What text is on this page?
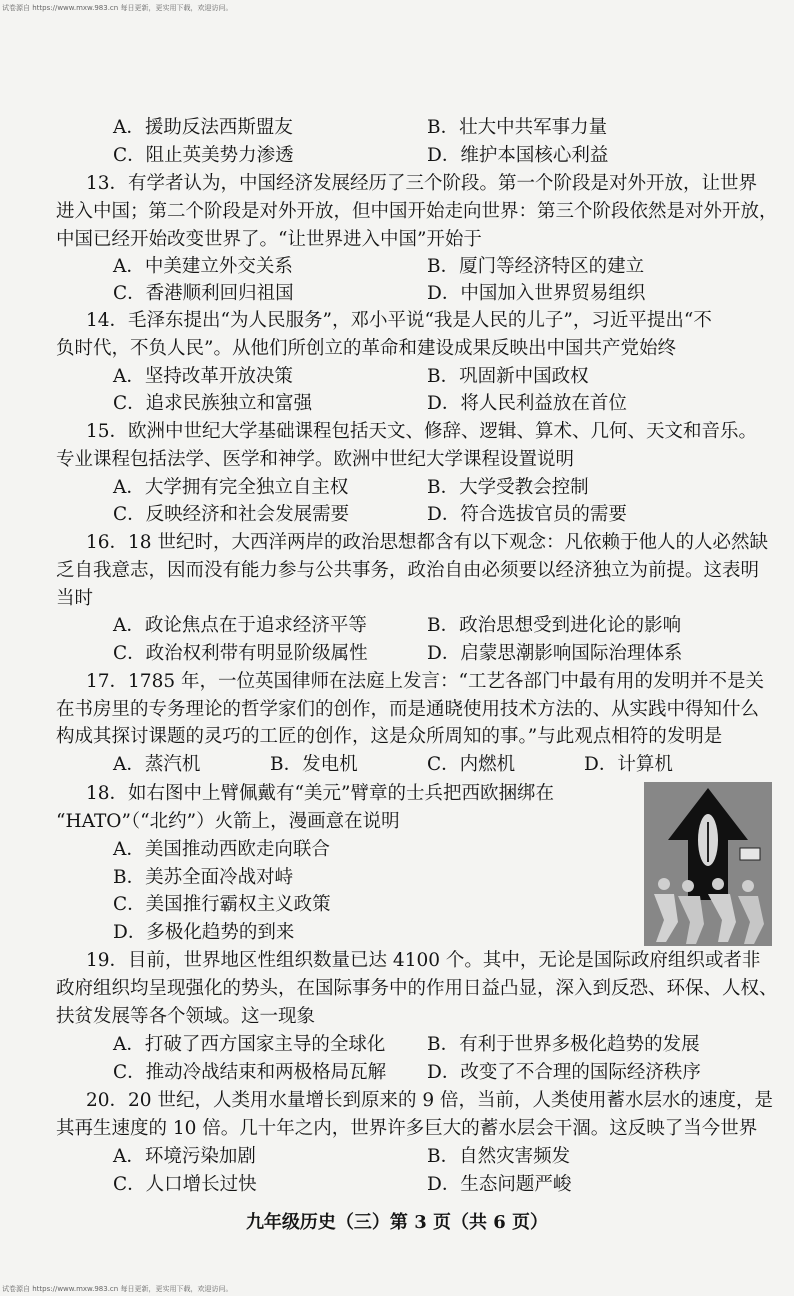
试卷源自 https://www.mxw.983.cn 每日更新，更实用下载，欢迎访问。
A．援助反法西斯盟友	B．壮大中共军事力量
C．阻止英美势力渗透	D．维护本国核心利益
13．有学者认为，中国经济发展经历了三个阶段。第一个阶段是对外开放，让世界
进入中国；第二个阶段是对外开放，但中国开始走向世界：第三个阶段依然是对外开放，
中国已经开始改变世界了。“让世界进入中国”开始于
A．中美建立外交关系	B．厦门等经济特区的建立
C．香港顺利回归祖国	D．中国加入世界贸易组织
14．毛泽东提出“为人民服务”，邓小平说“我是人民的儿子”，习近平提出“不
负时代，不负人民”。从他们所创立的革命和建设成果反映出中国共产党始终
A．坚持改革开放决策	B．巩固新中国政权
C．追求民族独立和富强	D．将人民利益放在首位
15．欧洲中世纪大学基础课程包括天文、修辞、逻辑、算术、几何、天文和音乐。
专业课程包括法学、医学和神学。欧洲中世纪大学课程设置说明
A．大学拥有完全独立自主权	B．大学受教会控制
C．反映经济和社会发展需要	D．符合选拔官员的需要
16．18 世纪时，大西洋两岸的政治思想都含有以下观念：凡依赖于他人的人必然缺
乏自我意志，因而没有能力参与公共事务，政治自由必须要以经济独立为前提。这表明
当时
A．政论焦点在于追求经济平等	B．政治思想受到进化论的影响
C．政治权利带有明显阶级属性	D．启蒙思潮影响国际治理体系
17．1785 年，一位英国律师在法庭上发言：“工艺各部门中最有用的发明并不是关
在书房里的专务理论的哲学家们的创作，而是通晓使用技术方法的、从实践中得知什么
构成其探讨课题的灵巧的工匠的创作，这是众所周知的事。”与此观点相符的发明是
A．蒸汽机	B．发电机	C．内燃机	D．计算机
18．如右图中上臂佩戴有“美元”臂章的士兵把西欧捆绑在
“HATO”（“北约”）火箭上，漫画意在说明
A．美国推动西欧走向联合
B．美苏全面冷战对峙
C．美国推行霸权主义政策
D．多极化趋势的到来
19．目前，世界地区性组织数量已达 4100 个。其中，无论是国际政府组织或者非
政府组织均呈现强化的势头，在国际事务中的作用日益凸显，深入到反恐、环保、人权、
扶贫发展等各个领域。这一现象
A．打破了西方国家主导的全球化 B．有利于世界多极化趋势的发展
C．推动冷战结束和两极格局瓦解 D．改变了不合理的国际经济秩序
20．20 世纪，人类用水量增长到原来的 9 倍，当前，人类使用蓄水层水的速度，是
其再生速度的 10 倍。几十年之内，世界许多巨大的蓄水层会干涸。这反映了当今世界
A．环境污染加剧	B．自然灾害频发
C．人口增长过快	D．生态问题严峻
九年级历史（三）第 3 页（共 6 页）
试卷源自 https://www.mxw.983.cn 每日更新，更实用下载，欢迎访问。
